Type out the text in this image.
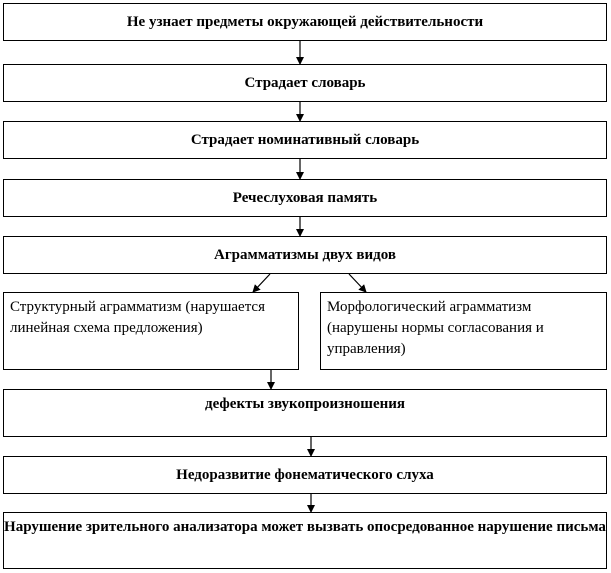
Не узнает предметы окружающей действительности
Страдает словарь
Страдает номинативный словарь
Речеслуховая память
Аграмматизмы двух видов
Структурный аграмматизм (нарушается линейная схема предложения)
Морфологический аграмматизм (нарушены нормы согласования и управления)
дефекты звукопроизношения
Недоразвитие фонематического слуха
Нарушение зрительного анализатора может вызвать опосредованное нарушение письма
